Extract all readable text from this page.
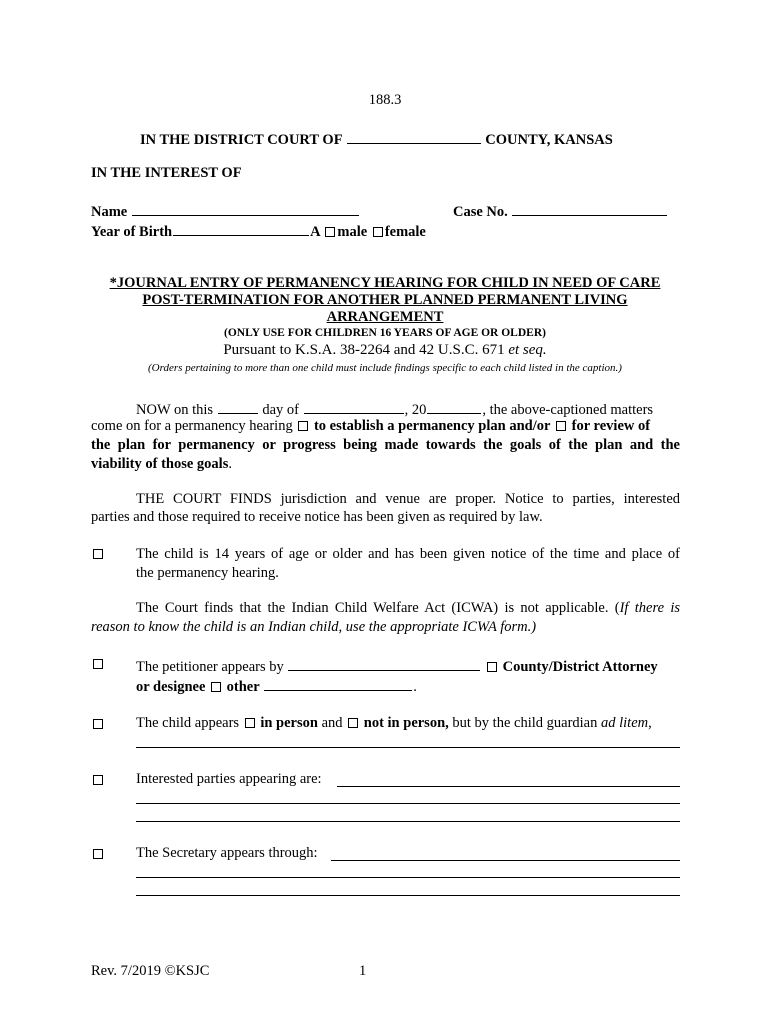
188.3
IN THE DISTRICT COURT OF	COUNTY, KANSAS
IN THE INTEREST OF
Name	Case No.
Year of Birth	A male female
*JOURNAL ENTRY OF PERMANENCY HEARING FOR CHILD IN NEED OF CARE
POST-TERMINATION FOR ANOTHER PLANNED PERMANENT LIVING
ARRANGEMENT
(ONLY USE FOR CHILDREN 16 YEARS OF AGE OR OLDER)
Pursuant to K.S.A. 38-2264 and 42 U.S.C. 671 et seq.
(Orders pertaining to more than one child must include findings specific to each child listed in the caption.)
NOW on this	day of	, 20	, the above-captioned matters
come on for a permanency hearing to establish a permanency plan and/or for review of
the plan for permanency or progress being made towards the goals of the plan and the
viability of those goals.
THE COURT FINDS jurisdiction and venue are proper. Notice to parties, interested
parties and those required to receive notice has been given as required by law.
The child is 14 years of age or older and has been given notice of the time and place of
the permanency hearing.
The Court finds that the Indian Child Welfare Act (ICWA) is not applicable. (If there is
reason to know the child is an Indian child, use the appropriate ICWA form.)
The petitioner appears by	County/District Attorney
or designee other	.
The child appears in person and not in person, but by the child guardian ad litem,
Interested parties appearing are:
The Secretary appears through:
Rev. 7/2019 ©KSJC	1
